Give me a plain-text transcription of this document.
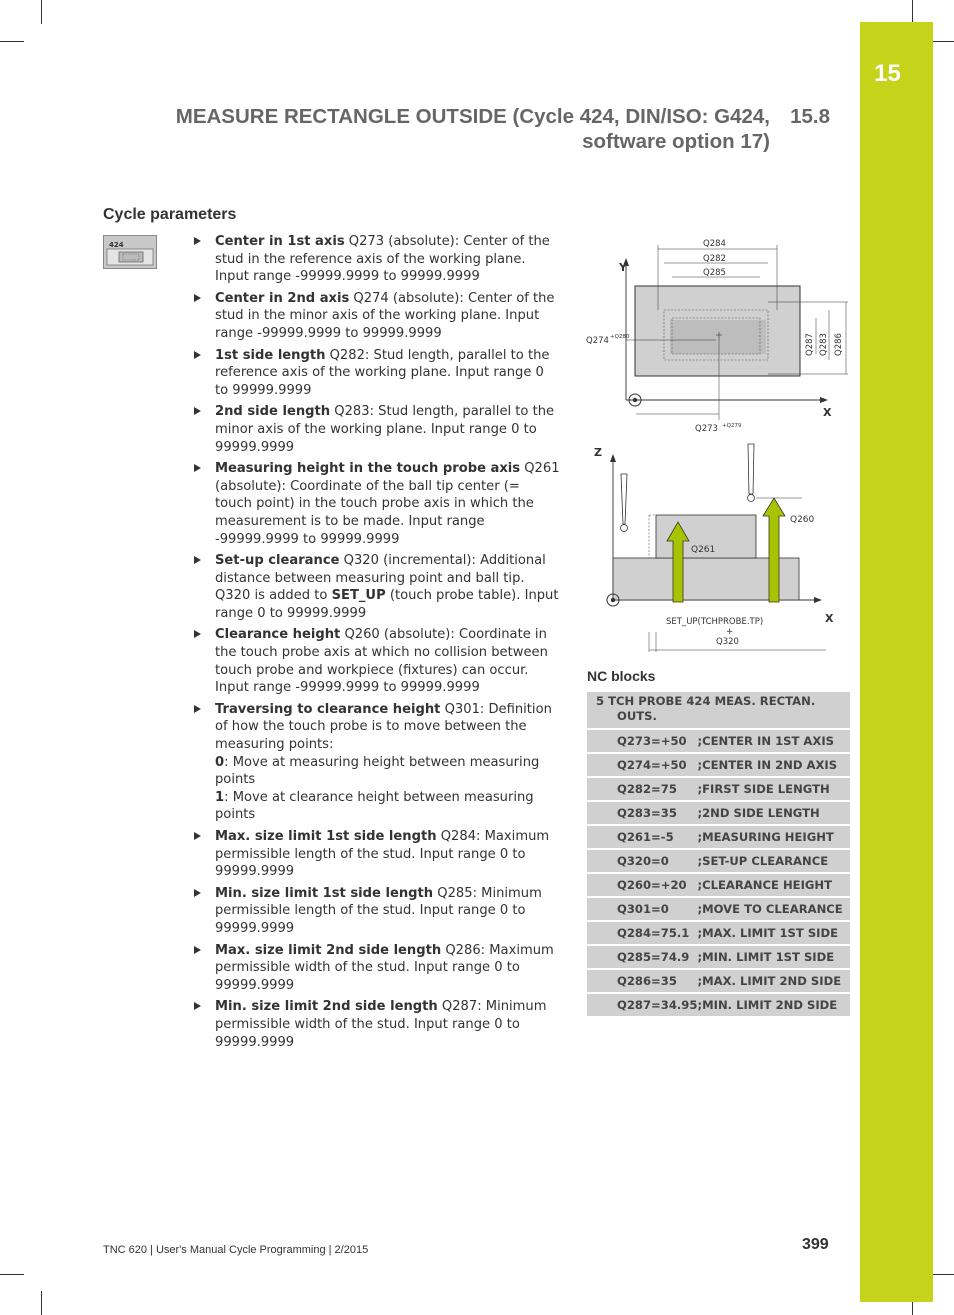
15
MEASURE RECTANGLE OUTSIDE (Cycle 424, DIN/ISO: G424,
software option 17)
15.8
Cycle parameters
424	Center in 1st axis Q273 (absolute): Center of the stud in the reference axis of the working plane. Input range -99999.9999 to 99999.9999
Center in 2nd axis Q274 (absolute): Center of the stud in the minor axis of the working plane. Input range -99999.9999 to 99999.9999
1st side length Q282: Stud length, parallel to the reference axis of the working plane. Input range 0 to 99999.9999
2nd side length Q283: Stud length, parallel to the minor axis of the working plane. Input range 0 to 99999.9999
Measuring height in the touch probe axis Q261 (absolute): Coordinate of the ball tip center (= touch point) in the touch probe axis in which the measurement is to be made. Input range -99999.9999 to 99999.9999
Set-up clearance Q320 (incremental): Additional distance between measuring point and ball tip. Q320 is added to SET_UP (touch probe table). Input range 0 to 99999.9999
Clearance height Q260 (absolute): Coordinate in the touch probe axis at which no collision between touch probe and workpiece (fixtures) can occur. Input range -99999.9999 to 99999.9999
Traversing to clearance height Q301: Definition of how the touch probe is to move between the measuring points:
0: Move at measuring height between measuring points
1: Move at clearance height between measuring points
Max. size limit 1st side length Q284: Maximum permissible length of the stud. Input range 0 to 99999.9999
Min. size limit 1st side length Q285: Minimum permissible length of the stud. Input range 0 to 99999.9999
Max. size limit 2nd side length Q286: Maximum permissible width of the stud. Input range 0 to 99999.9999
Min. size limit 2nd side length Q287: Minimum permissible width of the stud. Input range 0 to 99999.9999
Y
X
Q284
Q282
Q285
Q287 Q283 Q286
Q274 +Q280
Q273 +Q279
Z
X
Q260
Q261
SET_UP(TCHPROBE.TP)
+
Q320
NC blocks
5 TCH PROBE 424 MEAS. RECTAN.
OUTS.	
Q273=+50	;CENTER IN 1ST AXIS
Q274=+50	;CENTER IN 2ND AXIS
Q282=75	;FIRST SIDE LENGTH
Q283=35	;2ND SIDE LENGTH
Q261=-5	;MEASURING HEIGHT
Q320=0	;SET-UP CLEARANCE
Q260=+20	;CLEARANCE HEIGHT
Q301=0	;MOVE TO CLEARANCE
Q284=75.1	;MAX. LIMIT 1ST SIDE
Q285=74.9	;MIN. LIMIT 1ST SIDE
Q286=35	;MAX. LIMIT 2ND SIDE
Q287=34.95	;MIN. LIMIT 2ND SIDE
TNC 620 | User's Manual Cycle Programming | 2/2015	399
